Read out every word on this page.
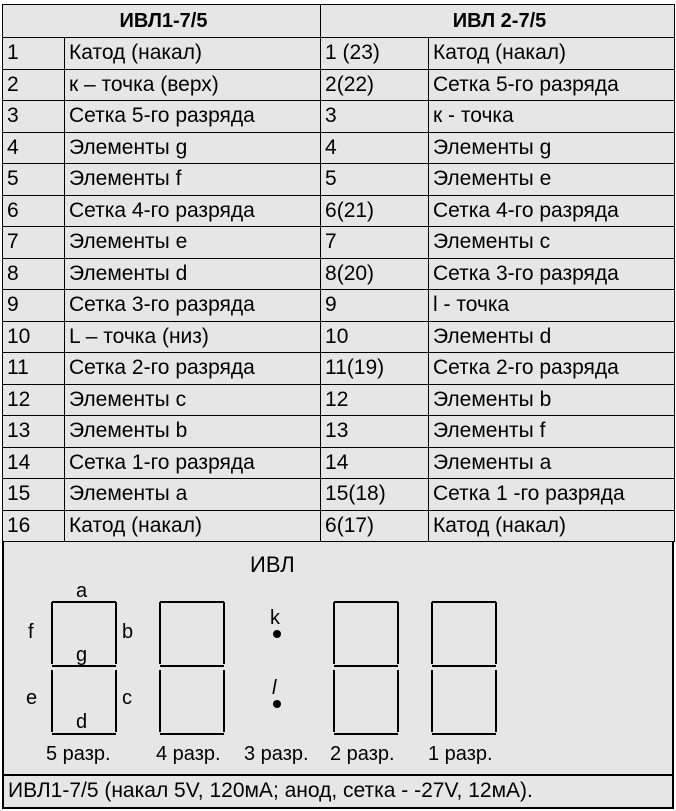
ИВЛ1-7/5		ИВЛ 2-7/5	
1	Катод (накал)	1 (23)	Катод (накал)
2	к – точка (верх)	2(22)	Сетка 5-го разряда
3	Сетка 5-го разряда	3	к - точка
4	Элементы g	4	Элементы g
5	Элементы f	5	Элементы e
6	Сетка 4-го разряда	6(21)	Сетка 4-го разряда
7	Элементы e	7	Элементы c
8	Элементы d	8(20)	Сетка 3-го разряда
9	Сетка 3-го разряда	9	l - точка
10	L – точка (низ)	10	Элементы d
11	Сетка 2-го разряда	11(19)	Сетка 2-го разряда
12	Элементы c	12	Элементы b
13	Элементы b	13	Элементы f
14	Сетка 1-го разряда	14	Элементы a
15	Элементы a	15(18)	Сетка 1 -го разряда
16	Катод (накал)	6(17)	Катод (накал)
ИВЛ
a
f	b
g
e	c
d
k
l
5 разр. 4 разр. 3 разр. 2 разр. 1 разр.
ИВЛ1-7/5 (накал 5V, 120мА; анод, сетка - -27V, 12мА).
